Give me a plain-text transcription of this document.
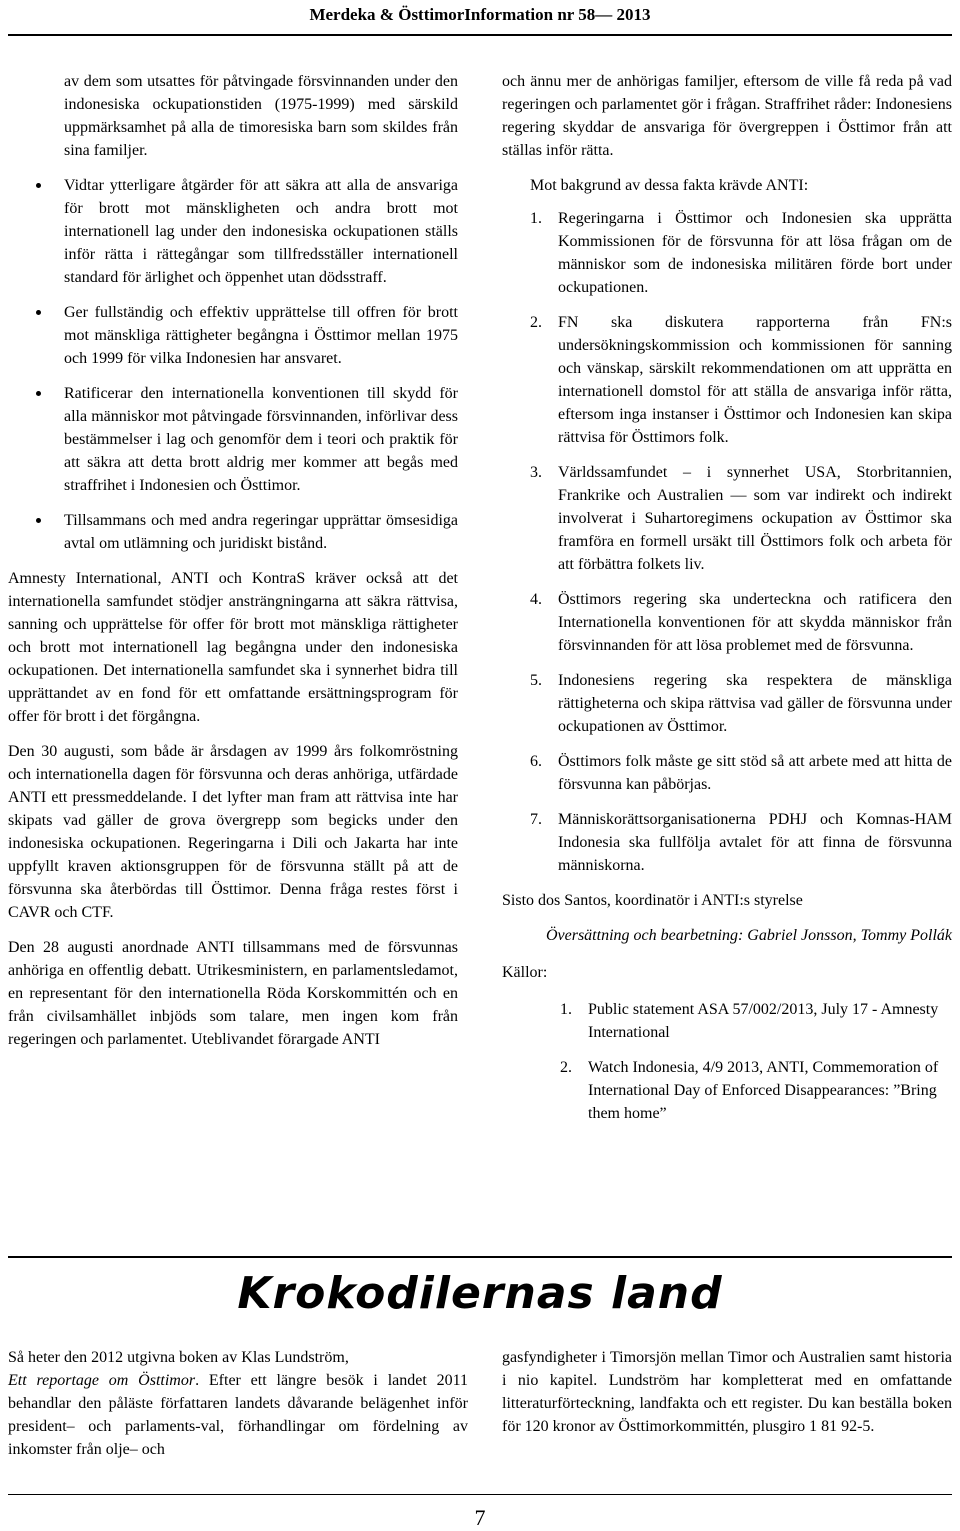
Merdeka & ÖsttimorInformation nr 58— 2013
av dem som utsattes för påtvingade försvinnanden under den indonesiska ockupationstiden (1975-1999) med särskild uppmärksamhet på alla de timoresiska barn som skildes från sina familjer.
Vidtar ytterligare åtgärder för att säkra att alla de ansvariga för brott mot mänskligheten och andra brott mot internationell lag under den indonesiska ockupationen ställs inför rätta i rättegångar som tillfredsställer internationell standard för ärlighet och öppenhet utan dödsstraff.
Ger fullständig och effektiv upprättelse till offren för brott mot mänskliga rättigheter begångna i Östtimor mellan 1975 och 1999 för vilka Indonesien har ansvaret.
Ratificerar den internationella konventionen till skydd för alla människor mot påtvingade försvinnanden, införlivar dess bestämmelser i lag och genomför dem i teori och praktik för att säkra att detta brott aldrig mer kommer att begås med straffrihet i Indonesien och Östtimor.
Tillsammans och med andra regeringar upprättar ömsesidiga avtal om utlämning och juridiskt bistånd.

Amnesty International, ANTI och KontraS kräver också att det internationella samfundet stödjer ansträngningarna att säkra rättvisa, sanning och upprättelse för offer för brott mot mänskliga rättigheter och brott mot internationell lag begångna under den indonesiska ockupationen. Det internationella samfundet ska i synnerhet bidra till upprättandet av en fond för ett omfattande ersättningsprogram för offer för brott i det förgångna.

Den 30 augusti, som både är årsdagen av 1999 års folkomröstning och internationella dagen för försvunna och deras anhöriga, utfärdade ANTI ett pressmeddelande. I det lyfter man fram att rättvisa inte har skipats vad gäller de grova övergrepp som begicks under den indonesiska ockupationen. Regeringarna i Dili och Jakarta har inte uppfyllt kraven aktionsgruppen för de försvunna ställt på att de försvunna ska återbördas till Östtimor. Denna fråga restes först i CAVR och CTF.

Den 28 augusti anordnade ANTI tillsammans med de försvunnas anhöriga en offentlig debatt. Utrikesministern, en parlamentsledamot, en representant för den internationella Röda Korskommittén och en från civilsamhället inbjöds som talare, men ingen kom från regeringen och parlamentet. Uteblivandet förargade ANTI

och ännu mer de anhörigas familjer, eftersom de ville få reda på vad regeringen och parlamentet gör i frågan. Straffrihet råder: Indonesiens regering skyddar de ansvariga för övergreppen i Östtimor från att ställas inför rätta.

Mot bakgrund av dessa fakta krävde ANTI:
1. Regeringarna i Östtimor och Indonesien ska upprätta Kommissionen för de försvunna för att lösa frågan om de människor som de indonesiska militären förde bort under ockupationen.
2. FN ska diskutera rapporterna från FN:s undersökningskommission och kommissionen för sanning och vänskap, särskilt rekommendationen om att upprätta en internationell domstol för att ställa de ansvariga inför rätta, eftersom inga instanser i Östtimor och Indonesien kan skipa rättvisa för Östtimors folk.
3. Världssamfundet – i synnerhet USA, Storbritannien, Frankrike och Australien — som var indirekt och indirekt involverat i Suhartoregimens ockupation av Östtimor ska framföra en formell ursäkt till Östtimors folk och arbeta för att förbättra folkets liv.
4. Östtimors regering ska underteckna och ratificera den Internationella konventionen för att skydda människor från försvinnanden för att lösa problemet med de försvunna.
5. Indonesiens regering ska respektera de mänskliga rättigheterna och skipa rättvisa vad gäller de försvunna under ockupationen av Östtimor.
6. Östtimors folk måste ge sitt stöd så att arbete med att hitta de försvunna kan påbörjas.
7. Människorättsorganisationerna PDHJ och Komnas-HAM Indonesia ska fullfölja avtalet för att finna de försvunna människorna.
Sisto dos Santos, koordinatör i ANTI:s styrelse
Översättning och bearbetning: Gabriel Jonsson, Tommy Pollák
Källor:
1. Public statement ASA 57/002/2013, July 17 - Amnesty International
2. Watch Indonesia, 4/9 2013, ANTI, Commemoration of International Day of Enforced Disappearances: ”Bring them home”
Krokodilernas land

Så heter den 2012 utgivna boken av Klas Lundström,
Ett reportage om Östtimor. Efter ett längre besök i landet 2011 behandlar den påläste författaren landets dåvarande belägenhet inför president– och parlaments-val, förhandlingar om fördelning av inkomster från olje– och

gasfyndigheter i Timorsjön mellan Timor och Australien samt historia i nio kapitel. Lundström har kompletterat med en omfattande litteraturförteckning, landfakta och ett register. Du kan beställa boken för 120 kronor av Östtimorkommittén, plusgiro 1 81 92-5.

7
